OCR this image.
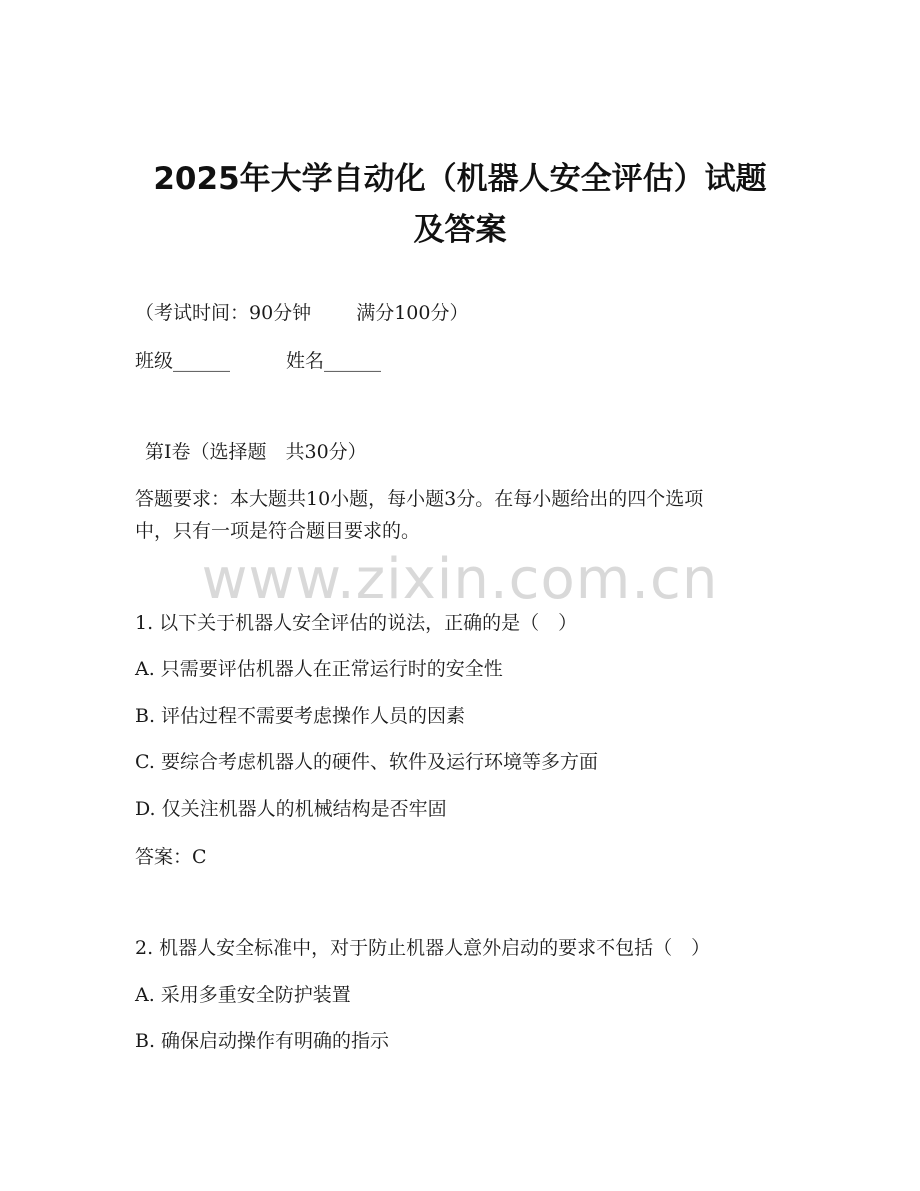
2025年大学自动化（机器人安全评估）试题
及答案
（考试时间：90分钟 满分100分）
班级______	姓名______
第Ⅰ卷（选择题　共30分）
答题要求：本大题共10小题，每小题3分。在每小题给出的四个选项
中，只有一项是符合题目要求的。
www.zixin.com.cn
1. 以下关于机器人安全评估的说法，正确的是（　）
A. 只需要评估机器人在正常运行时的安全性
B. 评估过程不需要考虑操作人员的因素
C. 要综合考虑机器人的硬件、软件及运行环境等多方面
D. 仅关注机器人的机械结构是否牢固
答案：C
2. 机器人安全标准中，对于防止机器人意外启动的要求不包括（　）
A. 采用多重安全防护装置
B. 确保启动操作有明确的指示
